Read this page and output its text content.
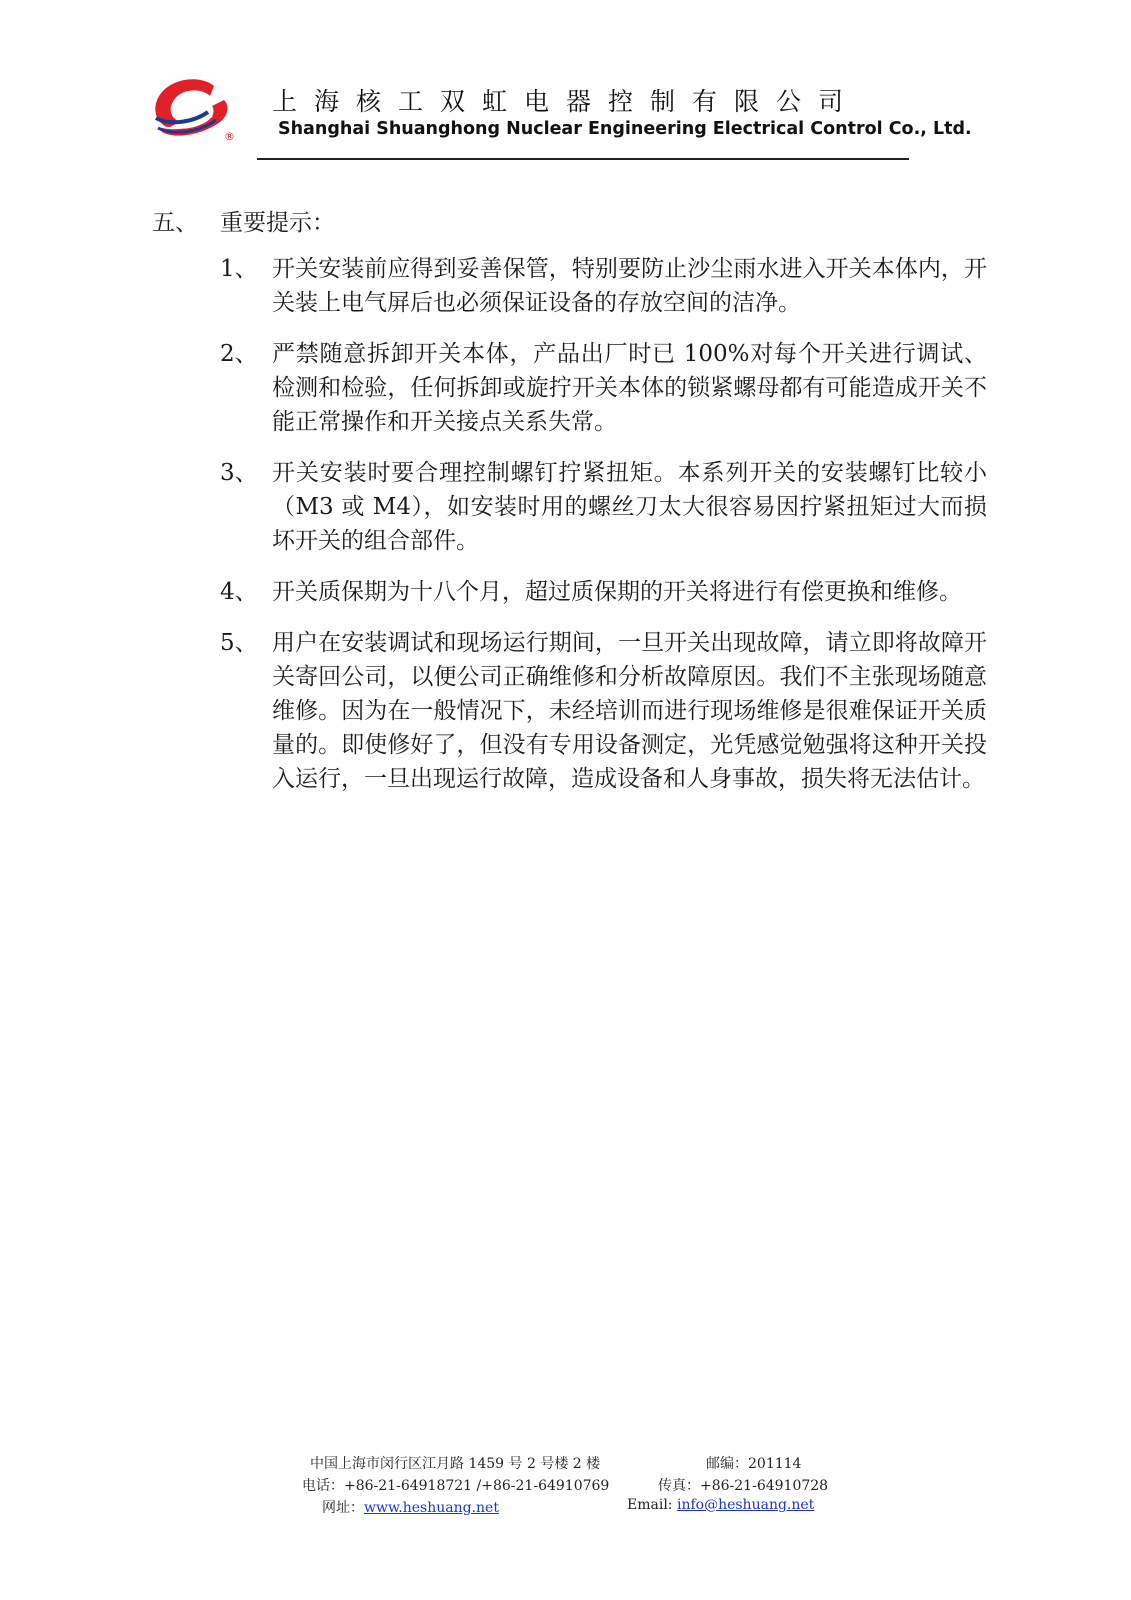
®
上海核工双虹电器控制有限公司
Shanghai Shuanghong Nuclear Engineering Electrical Control Co., Ltd.
五、 重要提示：
1、 开关安装前应得到妥善保管，特别要防止沙尘雨水进入开关本体内，开关装上电气屏后也必须保证设备的存放空间的洁净。
2、 严禁随意拆卸开关本体，产品出厂时已 100%对每个开关进行调试、检测和检验，任何拆卸或旋拧开关本体的锁紧螺母都有可能造成开关不能正常操作和开关接点关系失常。
3、 开关安装时要合理控制螺钉拧紧扭矩。本系列开关的安装螺钉比较小（M3 或 M4），如安装时用的螺丝刀太大很容易因拧紧扭矩过大而损坏开关的组合部件。
4、 开关质保期为十八个月，超过质保期的开关将进行有偿更换和维修。
5、 用户在安装调试和现场运行期间，一旦开关出现故障，请立即将故障开关寄回公司，以便公司正确维修和分析故障原因。我们不主张现场随意维修。因为在一般情况下，未经培训而进行现场维修是很难保证开关质量的。即使修好了，但没有专用设备测定，光凭感觉勉强将这种开关投入运行，一旦出现运行故障，造成设备和人身事故，损失将无法估计。
中国上海市闵行区江月路 1459 号 2 号楼 2 楼	邮编：201114
电话：+86-21-64918721 /+86-21-64910769	传真：+86-21-64910728
网址：www.heshuang.net	Email: info@heshuang.net
